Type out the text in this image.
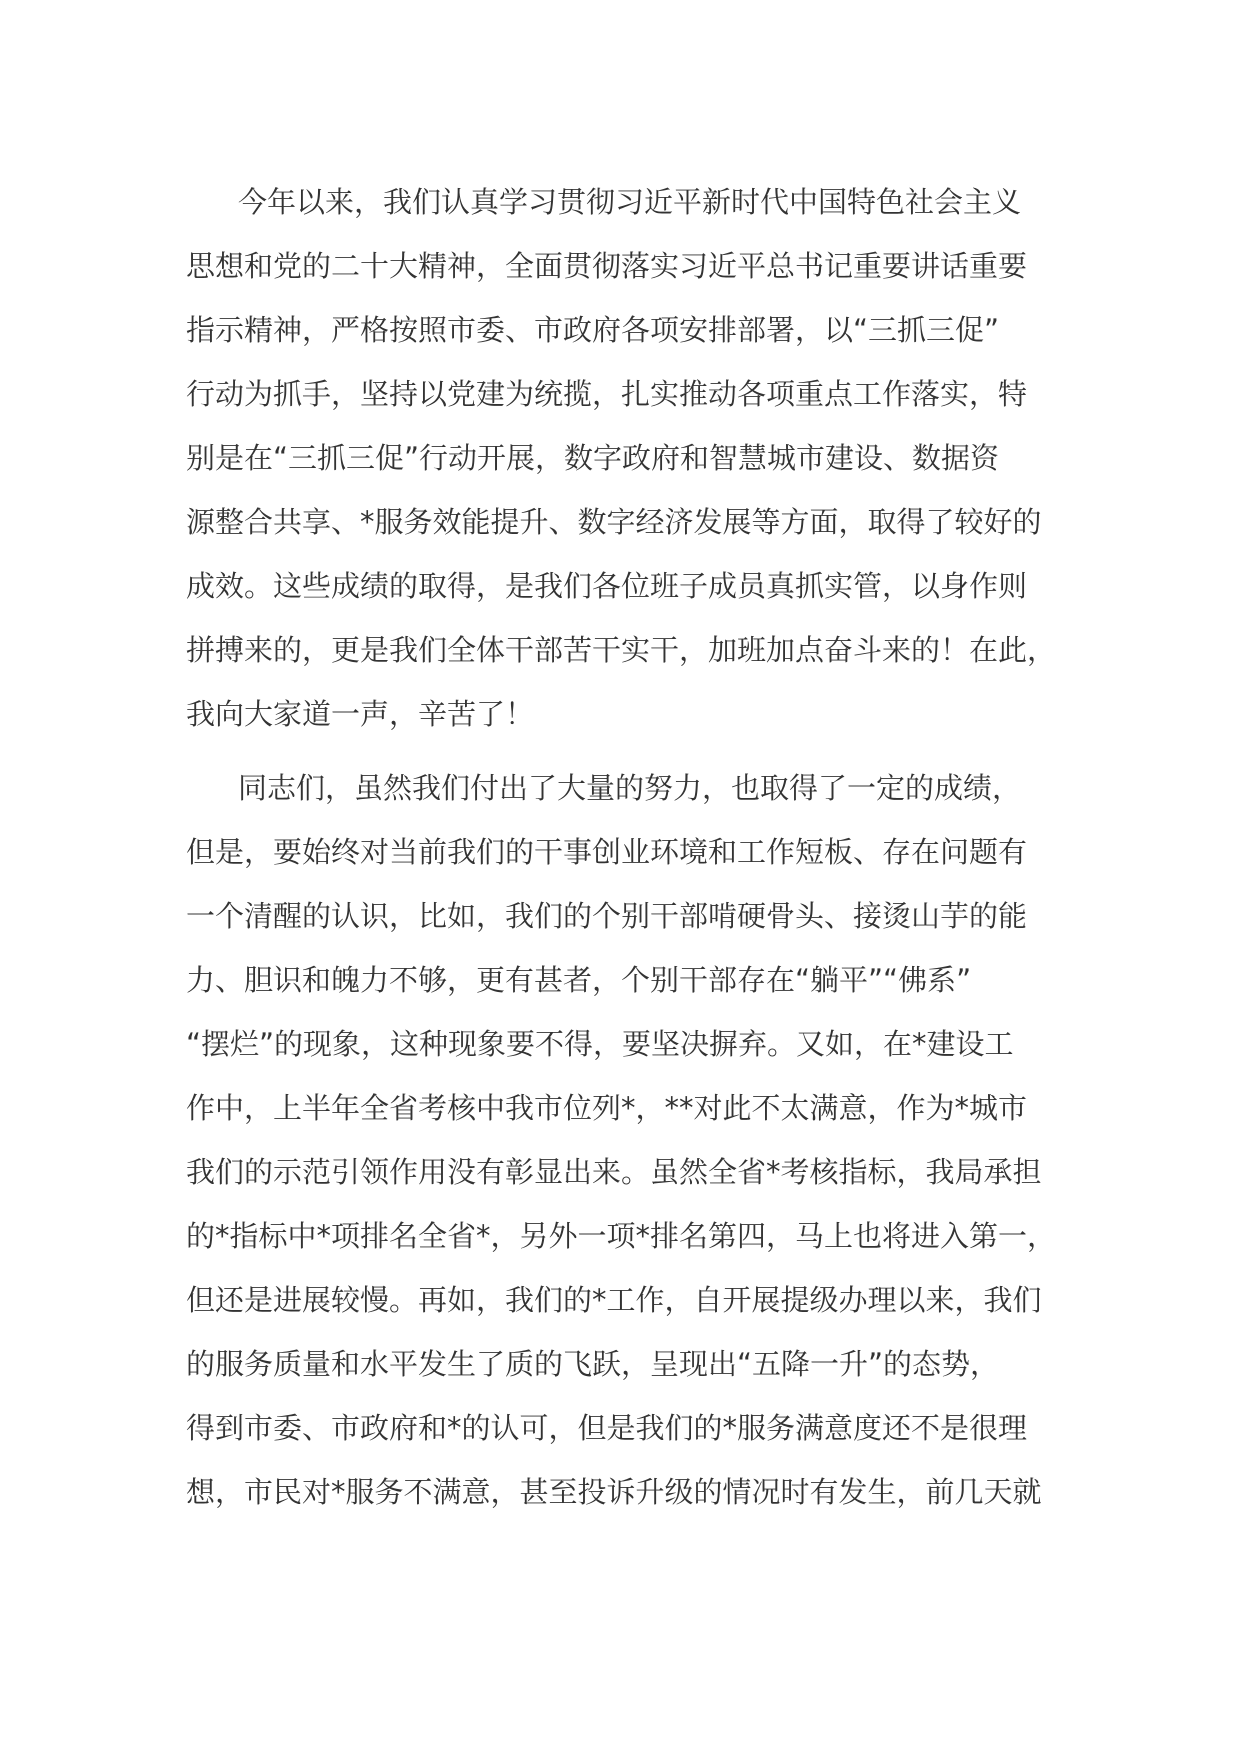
今年以来，我们认真学习贯彻习近平新时代中国特色社会主义
思想和党的二十大精神，全面贯彻落实习近平总书记重要讲话重要
指示精神，严格按照市委、市政府各项安排部署，以“三抓三促”
行动为抓手，坚持以党建为统揽，扎实推动各项重点工作落实，特
别是在“三抓三促”行动开展，数字政府和智慧城市建设、数据资
源整合共享、*服务效能提升、数字经济发展等方面，取得了较好的
成效。这些成绩的取得，是我们各位班子成员真抓实管，以身作则
拼搏来的，更是我们全体干部苦干实干，加班加点奋斗来的！在此，
我向大家道一声，辛苦了！
同志们，虽然我们付出了大量的努力，也取得了一定的成绩，
但是，要始终对当前我们的干事创业环境和工作短板、存在问题有
一个清醒的认识，比如，我们的个别干部啃硬骨头、接烫山芋的能
力、胆识和魄力不够，更有甚者，个别干部存在“躺平”“佛系”
“摆烂”的现象，这种现象要不得，要坚决摒弃。又如，在*建设工
作中，上半年全省考核中我市位列*，**对此不太满意，作为*城市
我们的示范引领作用没有彰显出来。虽然全省*考核指标，我局承担
的*指标中*项排名全省*，另外一项*排名第四，马上也将进入第一，
但还是进展较慢。再如，我们的*工作，自开展提级办理以来，我们
的服务质量和水平发生了质的飞跃，呈现出“五降一升”的态势，
得到市委、市政府和*的认可，但是我们的*服务满意度还不是很理
想，市民对*服务不满意，甚至投诉升级的情况时有发生，前几天就
